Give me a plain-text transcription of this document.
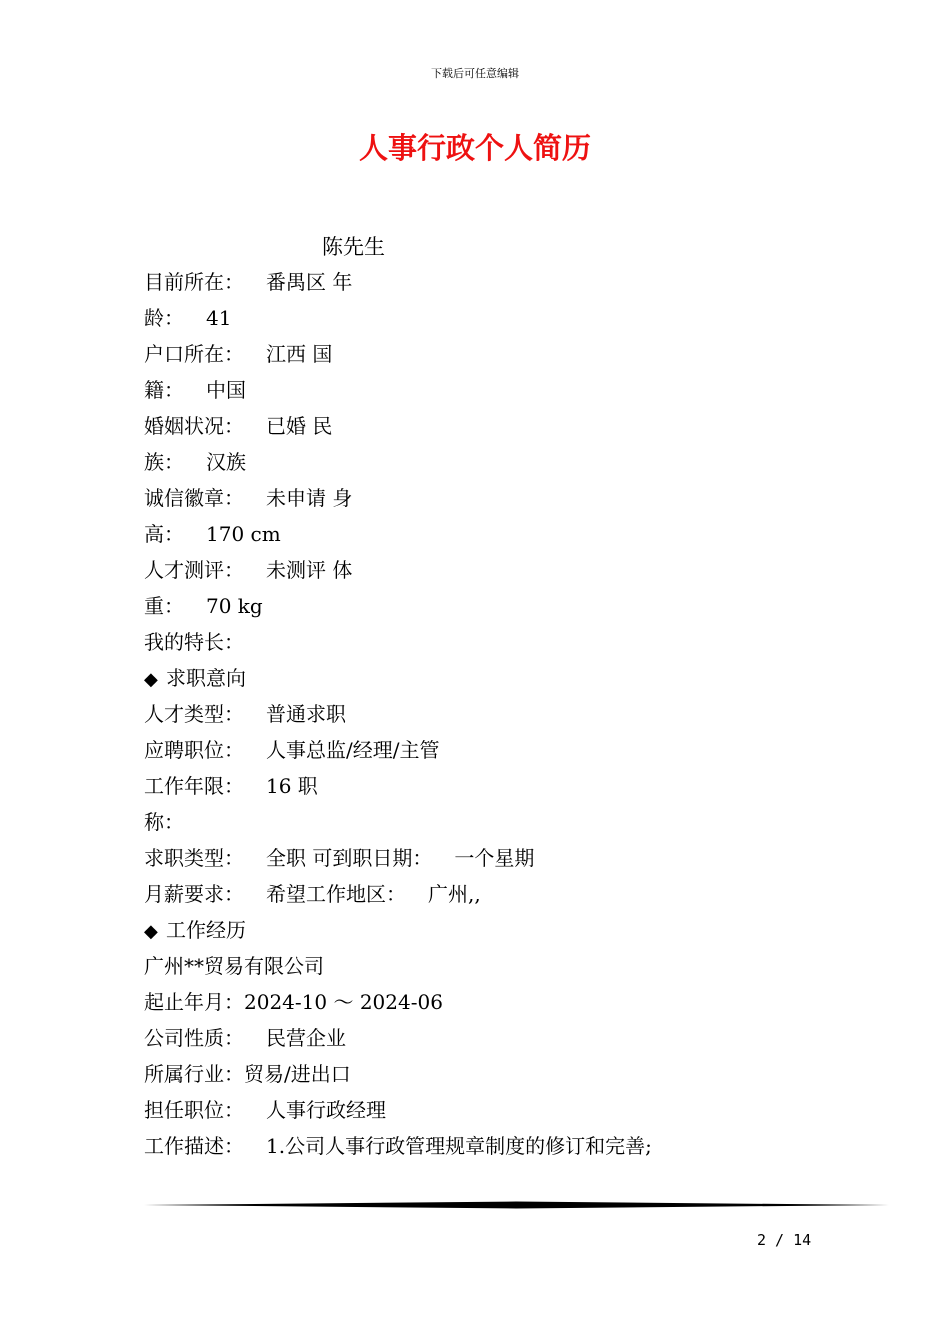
下载后可任意编辑
人事行政个人简历
陈先生
目前所在： 番禺区 年
龄： 41
户口所在： 江西 国
籍： 中国
婚姻状况： 已婚 民
族： 汉族
诚信徽章： 未申请 身
高： 170 cm
人才测评： 未测评 体
重： 70 kg
我的特长：
◆ 求职意向
人才类型： 普通求职
应聘职位： 人事总监/经理/主管
工作年限： 16 职
称：
求职类型： 全职 可到职日期： 一个星期
月薪要求： 希望工作地区： 广州,,
◆ 工作经历
广州**贸易有限公司
起止年月：2024-10 ～ 2024-06
公司性质： 民营企业
所属行业：贸易/进出口
担任职位： 人事行政经理
工作描述： 1.公司人事行政管理规章制度的修订和完善;
2 / 14
